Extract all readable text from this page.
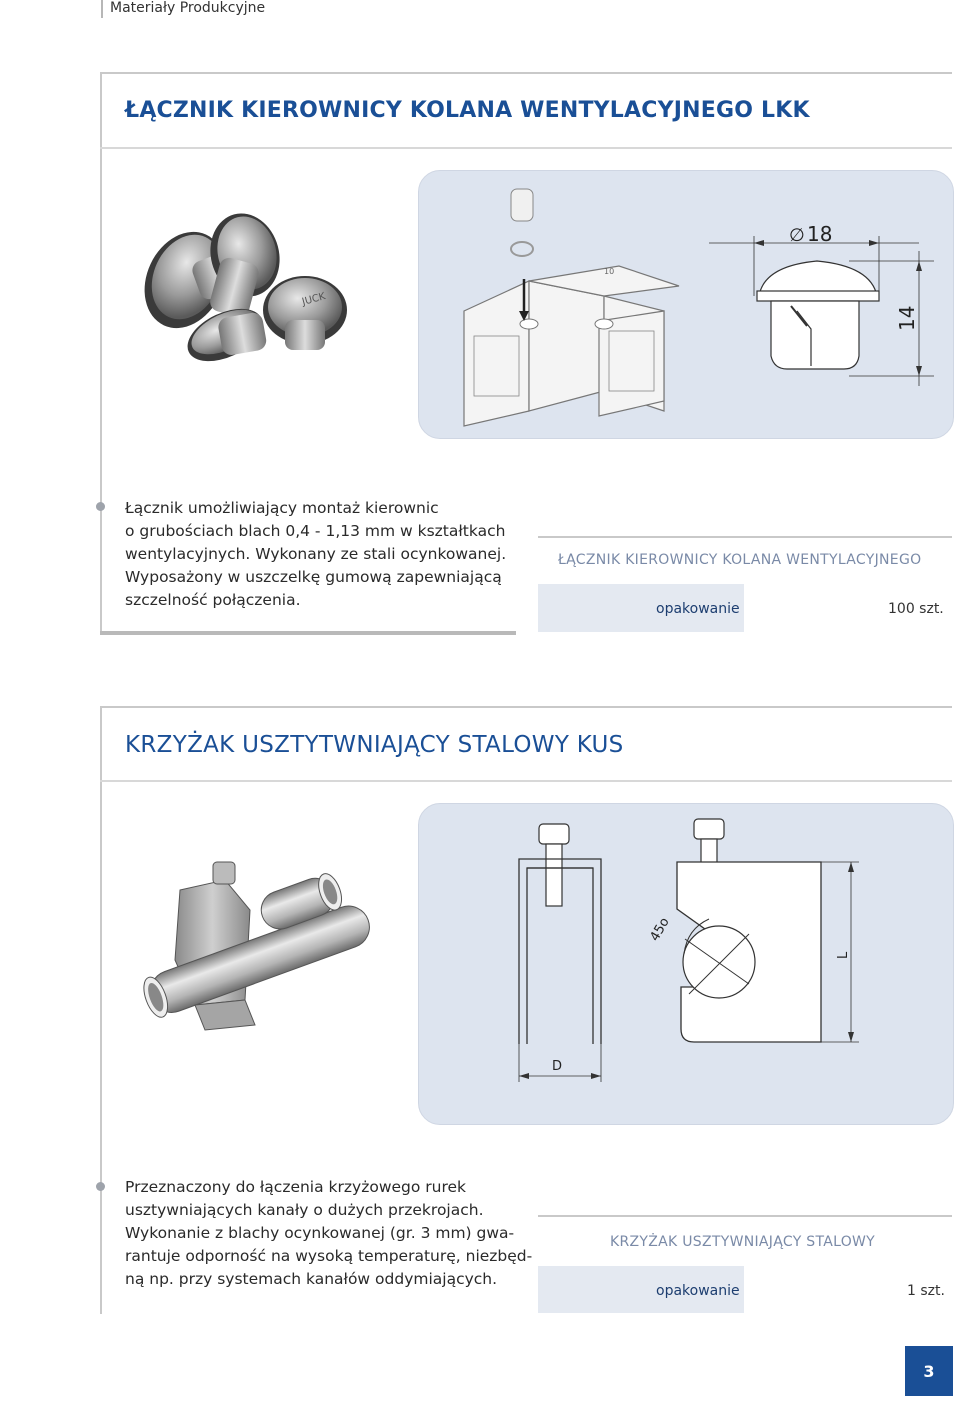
Materiały Produkcyjne
ŁĄCZNIK KIEROWNICY KOLANA WENTYLACYJNEGO LKK
JUCK
10
∅ 18
14
Łącznik umożliwiający montaż kierownic
o grubościach blach 0,4 - 1,13 mm w kształtkach
wentylacyjnych. Wykonany ze stali ocynkowanej.
Wyposażony w uszczelkę gumową zapewniającą
szczelność połączenia.
ŁĄCZNIK KIEROWNICY KOLANA WENTYLACYJNEGO
opakowanie	100 szt.
KRZYŻAK USZTYTWNIAJĄCY STALOWY KUS
D
45o
L
Przeznaczony do łączenia krzyżowego rurek
usztywniających kanały o dużych przekrojach.
Wykonanie z blachy ocynkowanej (gr. 3 mm) gwa-
rantuje odporność na wysoką temperaturę, niezbęd-
ną np. przy systemach kanałów oddymiających.
KRZYŻAK USZTYWNIAJĄCY STALOWY
opakowanie	1 szt.
3
